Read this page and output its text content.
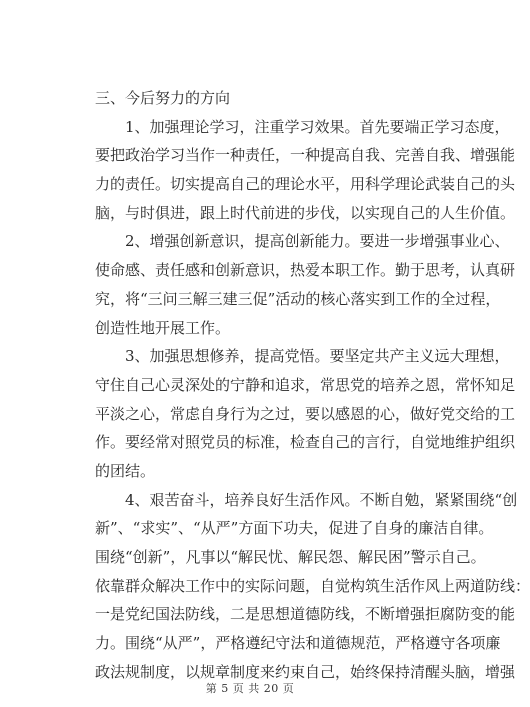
三、今后努力的方向
1、加强理论学习，注重学习效果。首先要端正学习态度，
要把政治学习当作一种责任，一种提高自我、完善自我、增强能
力的责任。切实提高自己的理论水平，用科学理论武装自己的头
脑，与时俱进，跟上时代前进的步伐，以实现自己的人生价值。
2、增强创新意识，提高创新能力。要进一步增强事业心、
使命感、责任感和创新意识，热爱本职工作。勤于思考，认真研
究，将“三问三解三建三促”活动的核心落实到工作的全过程，
创造性地开展工作。
3、加强思想修养，提高党悟。要坚定共产主义远大理想，
守住自己心灵深处的宁静和追求，常思党的培养之恩，常怀知足
平淡之心，常虑自身行为之过，要以感恩的心，做好党交给的工
作。要经常对照党员的标准，检查自己的言行，自觉地维护组织
的团结。
4、艰苦奋斗，培养良好生活作风。不断自勉，紧紧围绕“创
新”、“求实”、“从严”方面下功夫，促进了自身的廉洁自律。
围绕“创新”，凡事以“解民忧、解民怨、解民困”警示自己。
依靠群众解决工作中的实际问题，自觉构筑生活作风上两道防线：
一是党纪国法防线，二是思想道德防线，不断增强拒腐防变的能
力。围绕“从严”，严格遵纪守法和道德规范，严格遵守各项廉
政法规制度，以规章制度来约束自己，始终保持清醒头脑，增强
第 5 页 共 20 页
